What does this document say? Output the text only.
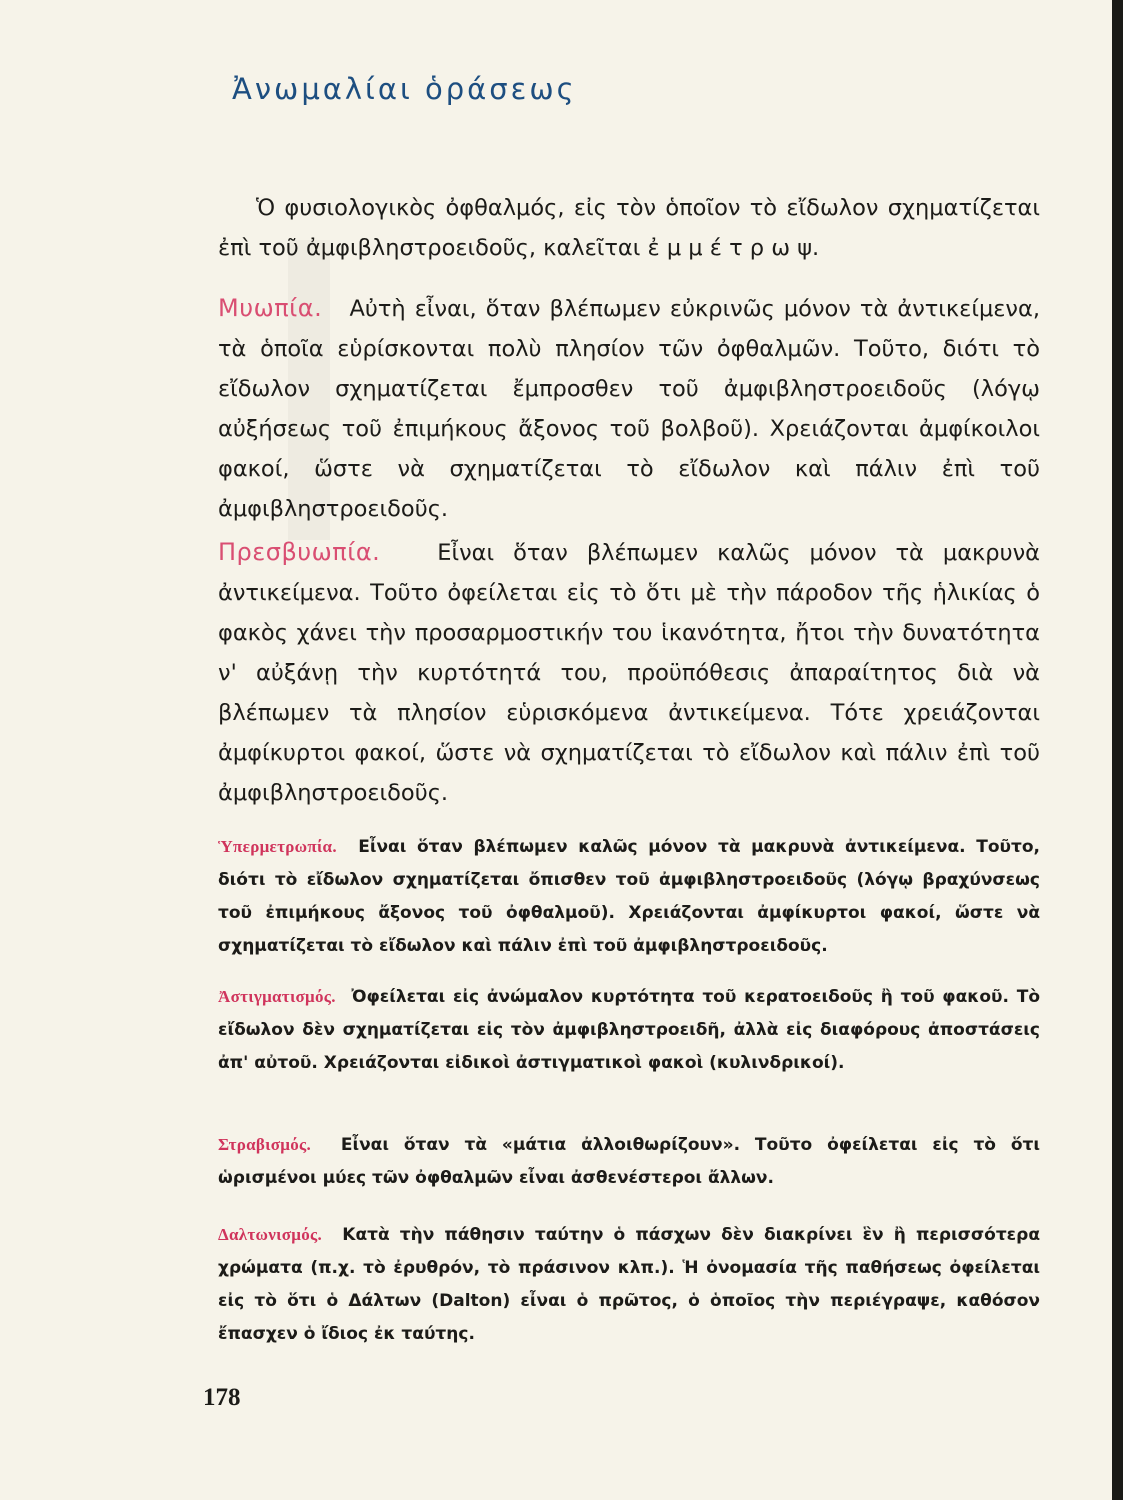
Ἀνωμαλίαι ὁράσεως

Ὁ φυσιολογικὸς ὀφθαλμός, εἰς τὸν ὁποῖον τὸ εἴδωλον σχηματίζεται ἐπὶ τοῦ ἀμφιβληστροειδοῦς, καλεῖται ἐ μ μ έ τ ρ ω ψ.

Μυωπία. Αὐτὴ εἶναι, ὅταν βλέπωμεν εὐκρινῶς μόνον τὰ ἀντικείμενα, τὰ ὁποῖα εὑρίσκονται πολὺ πλησίον τῶν ὀφθαλμῶν. Τοῦτο, διότι τὸ εἴδωλον σχηματίζεται ἔμπροσθεν τοῦ ἀμφιβληστροειδοῦς (λόγῳ αὐξήσεως τοῦ ἐπιμήκους ἄξονος τοῦ βολβοῦ). Χρειάζονται ἀμφίκοιλοι φακοί, ὥστε νὰ σχηματίζεται τὸ εἴδωλον καὶ πάλιν ἐπὶ τοῦ ἀμφιβληστροειδοῦς.

Πρεσβυωπία.	Εἶναι ὅταν βλέπωμεν καλῶς μόνον τὰ μακρυνὰ ἀντικείμενα. Τοῦτο ὀφείλεται εἰς τὸ ὅτι μὲ τὴν πάροδον τῆς ἡλικίας ὁ φακὸς χάνει τὴν προσαρμοστικήν του ἱκανότητα, ἤτοι τὴν δυνατότητα ν' αὐξάνῃ τὴν κυρτότητά του, προϋπόθεσις ἀπαραίτητος διὰ νὰ βλέπωμεν τὰ πλησίον εὑρισκόμενα ἀντικείμενα. Τότε χρειάζονται ἀμφίκυρτοι φακοί, ὥστε νὰ σχηματίζεται τὸ εἴδωλον καὶ πάλιν ἐπὶ τοῦ ἀμφιβληστροειδοῦς.

Ὑπερμετρωπία. Εἶναι ὅταν βλέπωμεν καλῶς μόνον τὰ μακρυνὰ ἀντικείμενα. Τοῦτο, διότι τὸ εἴδωλον σχηματίζεται ὄπισθεν τοῦ ἀμφιβληστροειδοῦς (λόγῳ βραχύνσεως τοῦ ἐπιμήκους ἄξονος τοῦ ὀφθαλμοῦ). Χρειάζονται ἀμφίκυρτοι φακοί, ὥστε νὰ σχηματίζεται τὸ εἴδωλον καὶ πάλιν ἐπὶ τοῦ ἀμφιβληστροειδοῦς.

Ἀστιγματισμός. Ὀφείλεται εἰς ἀνώμαλον κυρτότητα τοῦ κερατοειδοῦς ἢ τοῦ φακοῦ. Τὸ εἴδωλον δὲν σχηματίζεται εἰς τὸν ἀμφιβληστροειδῆ, ἀλλὰ εἰς διαφόρους ἀποστάσεις ἀπ' αὐτοῦ. Χρειάζονται εἰδικοὶ ἀστιγματικοὶ φακοὶ (κυλινδρικοί).

Στραβισμός. Εἶναι ὅταν τὰ «μάτια ἀλλοιθωρίζουν». Τοῦτο ὀφείλεται εἰς τὸ ὅτι ὡρισμένοι μύες τῶν ὀφθαλμῶν εἶναι ἀσθενέστεροι ἄλλων.

Δαλτωνισμός. Κατὰ τὴν πάθησιν ταύτην ὁ πάσχων δὲν διακρίνει ἓν ἢ περισσότερα χρώματα (π.χ. τὸ ἐρυθρόν, τὸ πράσινον κλπ.). Ἡ ὀνομασία τῆς παθήσεως ὀφείλεται εἰς τὸ ὅτι ὁ Δάλτων (Dalton) εἶναι ὁ πρῶτος, ὁ ὁποῖος τὴν περιέγραψε, καθόσον ἔπασχεν ὁ ἴδιος ἐκ ταύτης.

178
